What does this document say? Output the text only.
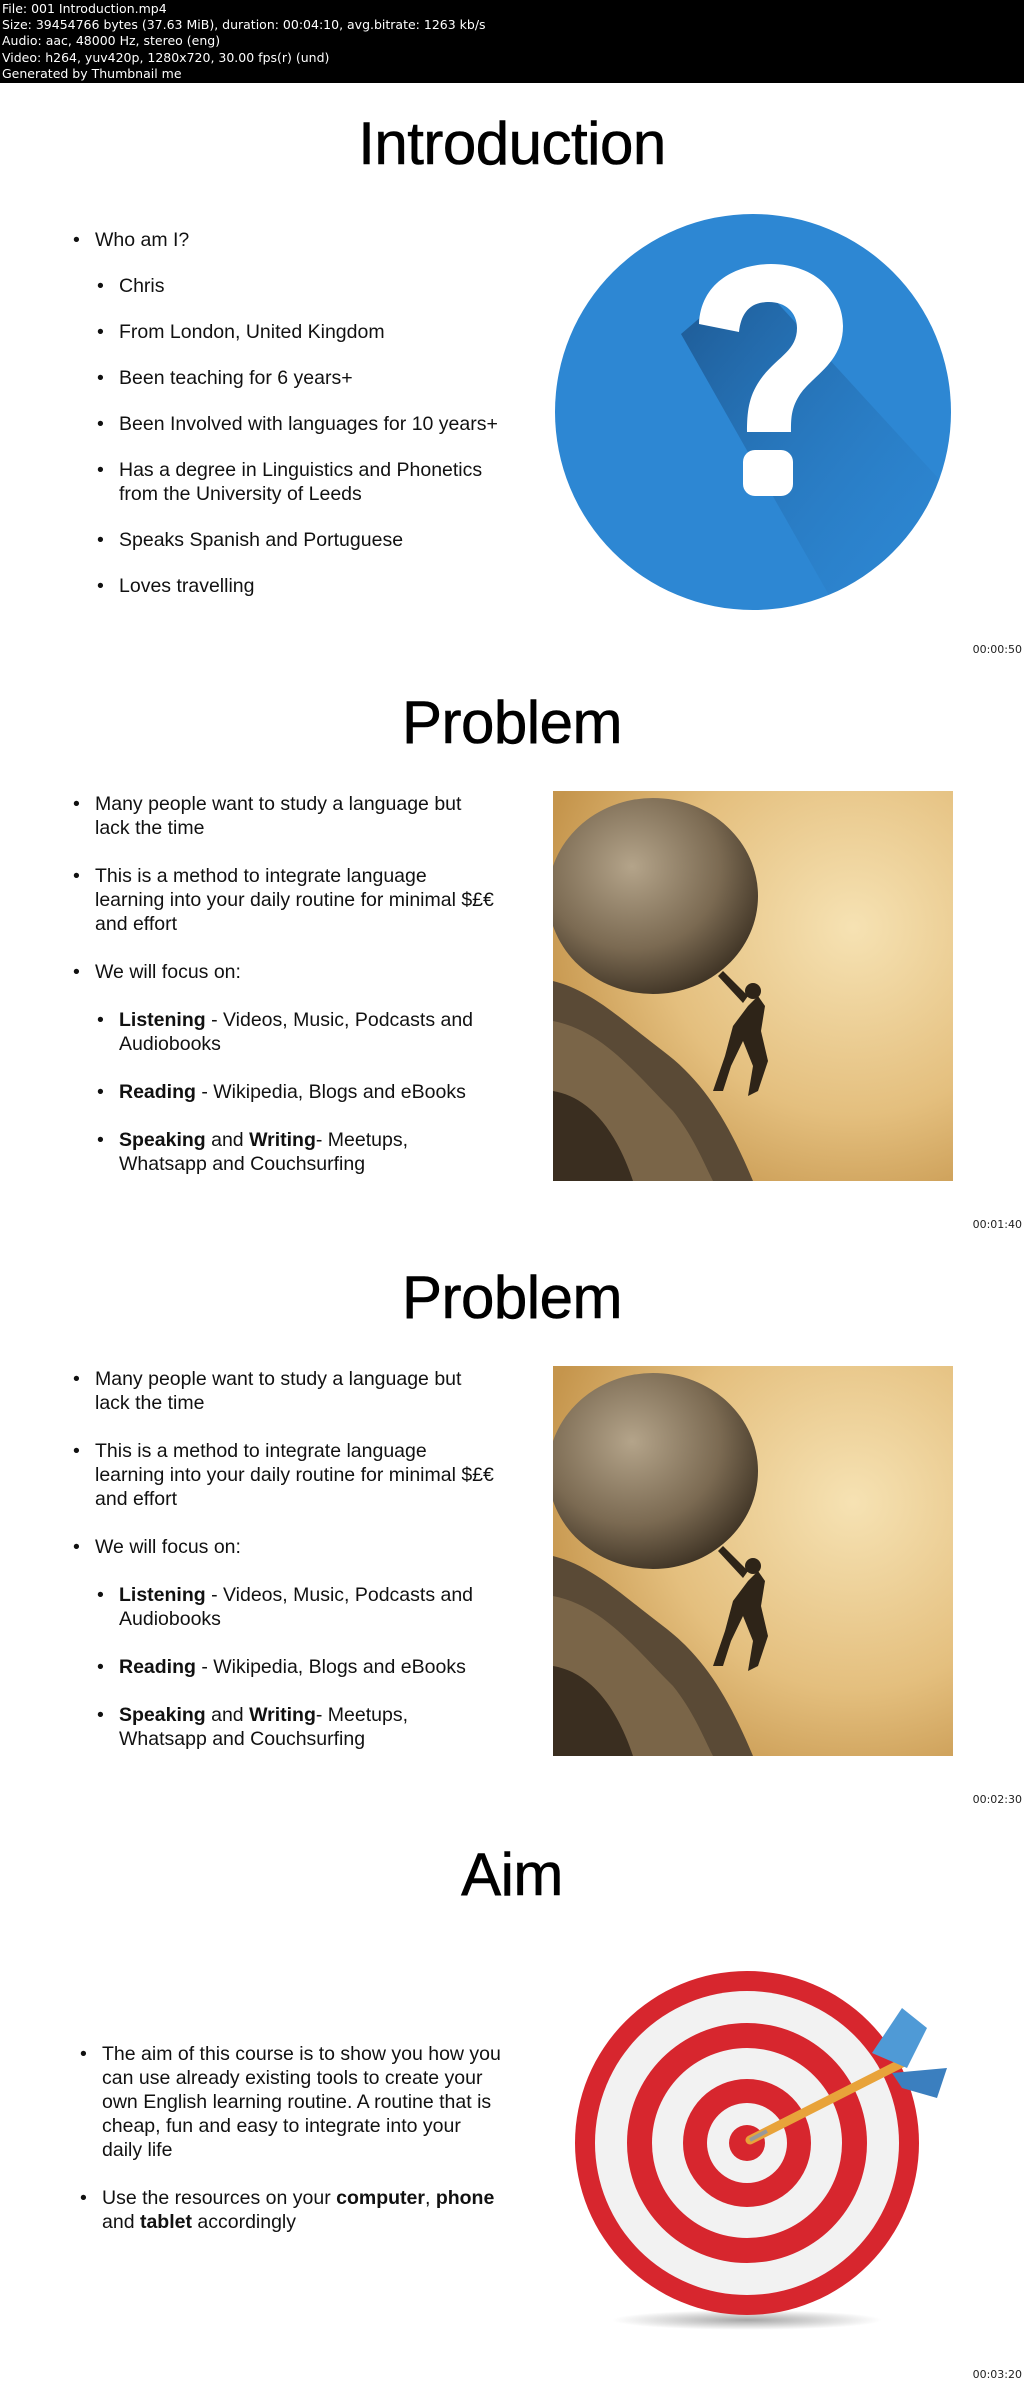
File: 001 Introduction.mp4
Size: 39454766 bytes (37.63 MiB), duration: 00:04:10, avg.bitrate: 1263 kb/s
Audio: aac, 48000 Hz, stereo (eng)
Video: h264, yuv420p, 1280x720, 30.00 fps(r) (und)
Generated by Thumbnail me
Introduction
• Who am I?
• Chris
• From London, United Kingdom
• Been teaching for 6 years+
• Been Involved with languages for 10 years+
• Has a degree in Linguistics and Phonetics from the University of Leeds
• Speaks Spanish and Portuguese
• Loves travelling
00:00:50
Problem
• Many people want to study a language but lack the time
• This is a method to integrate language learning into your daily routine for minimal $£€ and effort
• We will focus on:
• Listening - Videos, Music, Podcasts and Audiobooks
• Reading - Wikipedia, Blogs and eBooks
• Speaking and Writing- Meetups, Whatsapp and Couchsurfing
00:01:40
Problem
• Many people want to study a language but lack the time
• This is a method to integrate language learning into your daily routine for minimal $£€ and effort
• We will focus on:
• Listening - Videos, Music, Podcasts and Audiobooks
• Reading - Wikipedia, Blogs and eBooks
• Speaking and Writing- Meetups, Whatsapp and Couchsurfing
00:02:30
Aim
• The aim of this course is to show you how you can use already existing tools to create your own English learning routine. A routine that is cheap, fun and easy to integrate into your daily life
• Use the resources on your computer, phone and tablet accordingly
00:03:20
